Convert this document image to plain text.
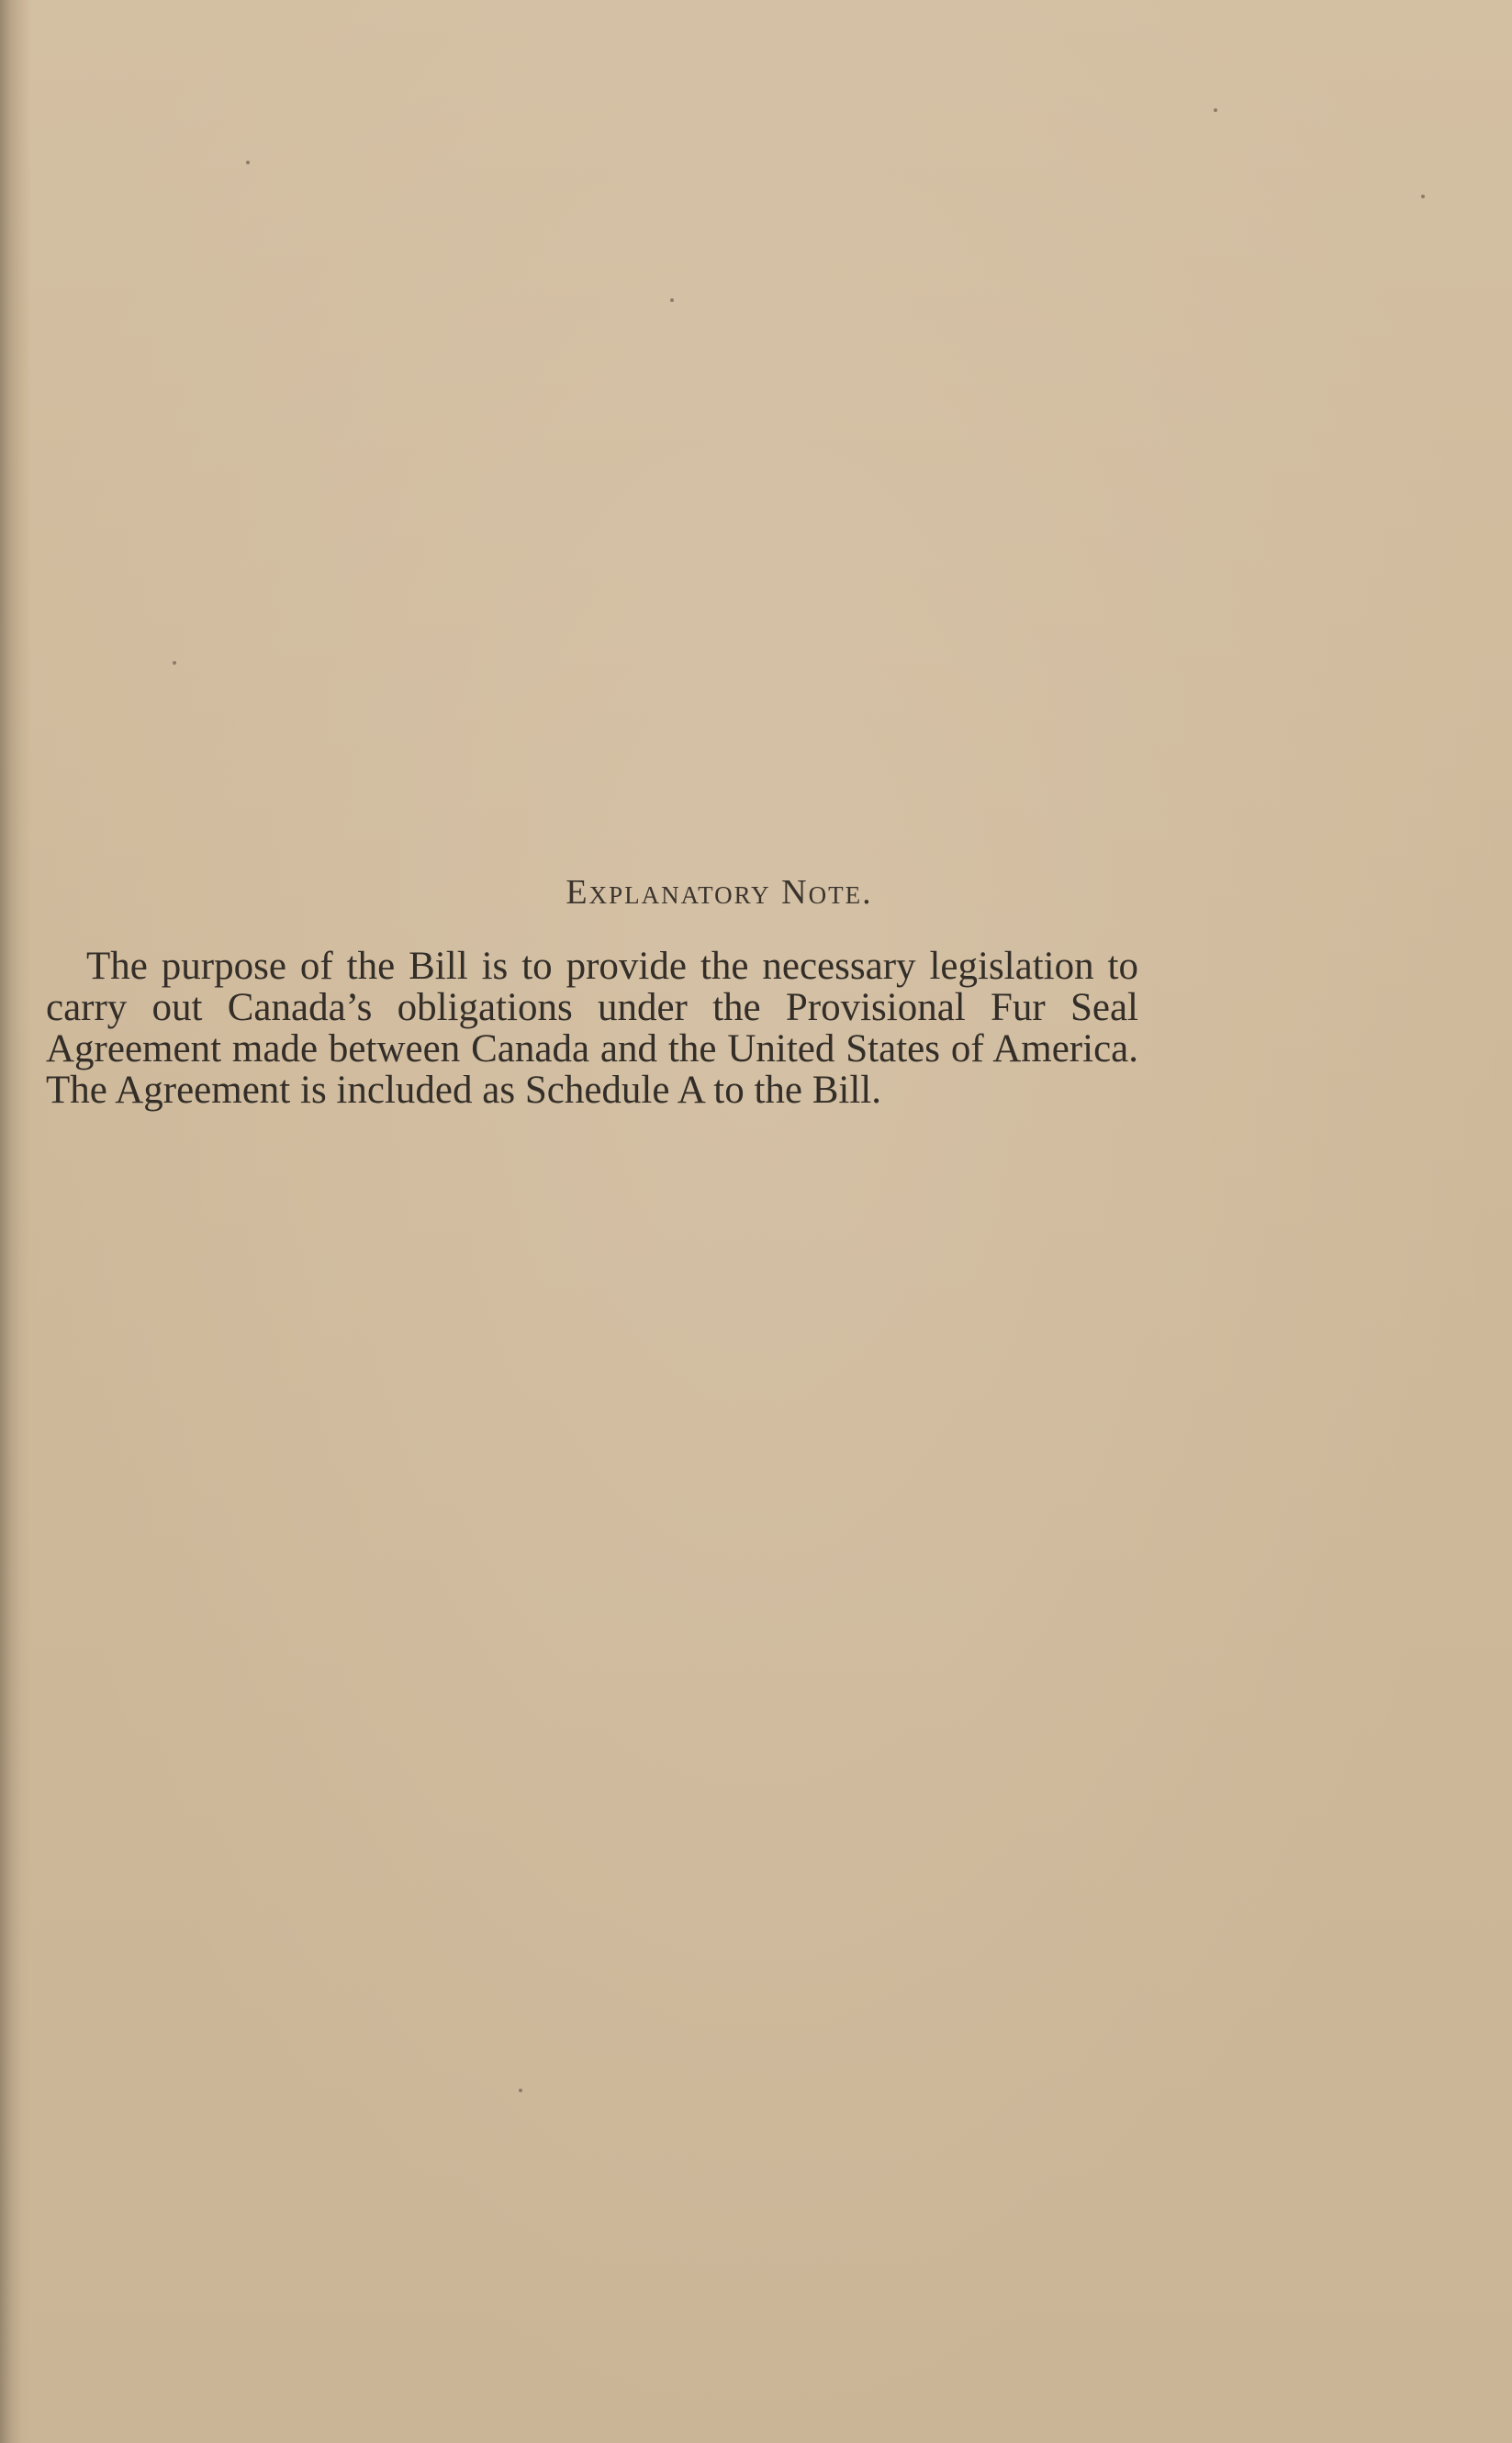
Explanatory Note.

The purpose of the Bill is to provide the necessary legislation to carry out Canada’s obligations under the Provisional Fur Seal Agreement made between Canada and the United States of America. The Agreement is included as Schedule A to the Bill.
